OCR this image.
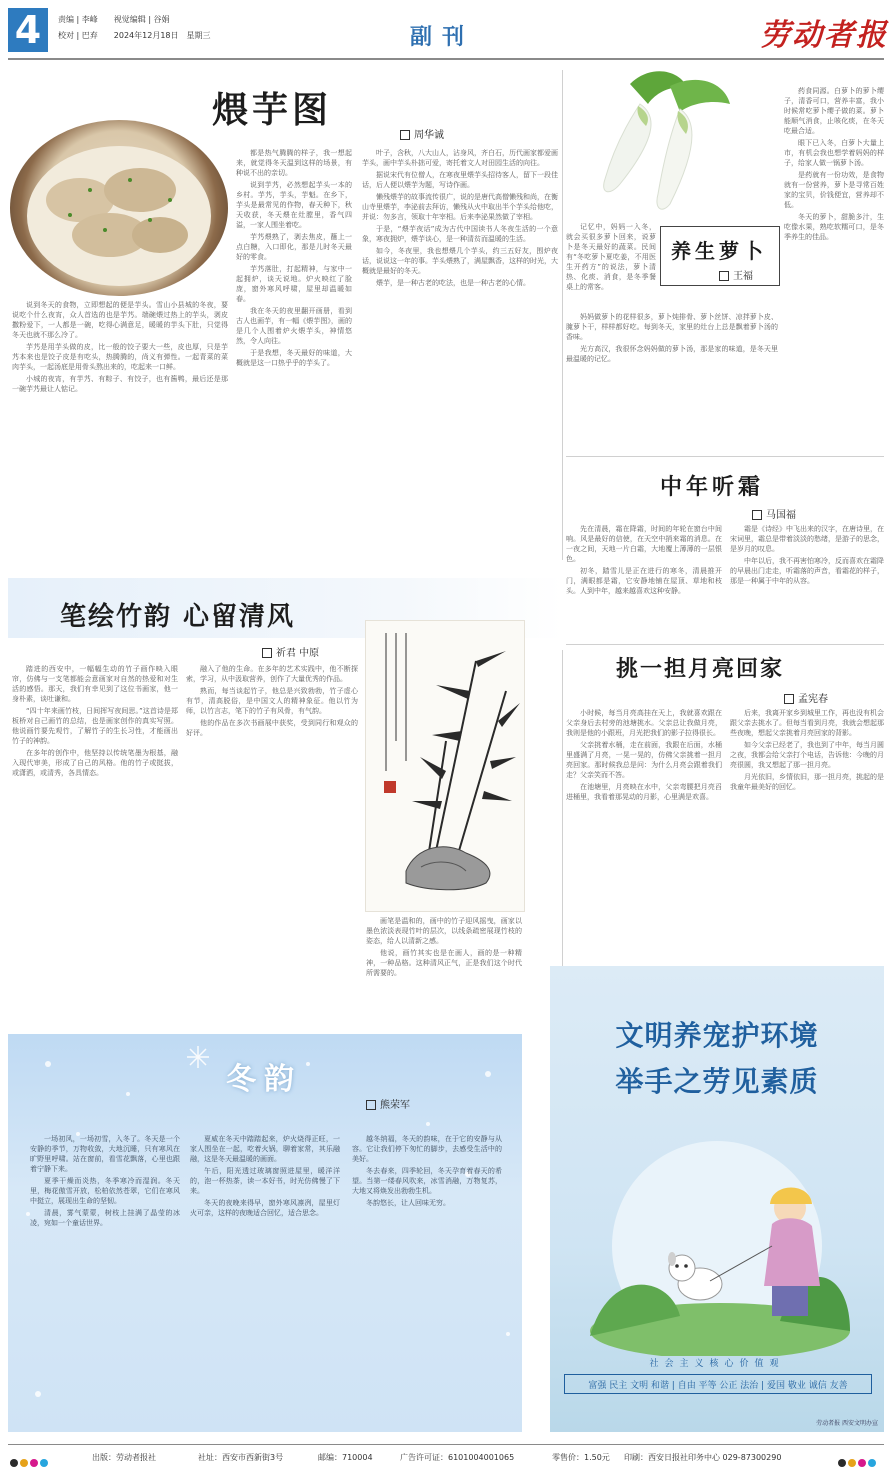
4	责编 | 李峰　　视觉编辑 | 谷娟
校对 | 巴弃　　2024年12月18日　星期三	副刊	劳动者报
煨芋图
周华诚

说到冬天的食物，立即想起的便是芋头。雪山小县城的冬夜，要说吃个什么夜宵，众人首选的也是芋艿。端碗煨过热上的芋头，剥皮撒粉爱下，一人都是一碗，吃得心满意足，暖暖的芋头下肚，只觉得冬天也就不那么冷了。

芋艿是用芋头做的皮，比一般的饺子要大一些，皮也厚，只是芋艿本来也是饺子皮是有吃头，热腾腾的，尚义有弹性。一起青菜的菜肉芋头，一起汤底是用骨头熬出来的，吃起来一口鲜。

小城的夜宵，有芋艿、有粽子、有饺子，也有酱鸭，最后还是那一碗芋艿最让人惦记。

都是热气腾腾的样子，我一想起来，就觉得冬天温到这样的场景，有种说不出的亲切。

说到芋艿，必然想起芋头一本的乡村。芋艿，芋头，芋魁。在乡下，芋头是最常见的作物，春天种下，秋天收获，冬天煨在灶膛里，香气四溢，一家人围坐着吃。

芋艿煨熟了，剥去焦皮，蘸上一点白糖，入口即化，那是儿时冬天最好的零食。

芋艿落肚，打起精神，与家中一起拥炉，谈天说地。炉火映红了脸庞，窗外寒风呼啸，屋里却温暖如春。

我在冬天的夜里翻开画册，看到古人也画芋，有一幅《煨芋图》，画的是几个人围着炉火煨芋头，神情悠然，令人向往。

于是我想，冬天最好的味道，大概就是这一口热乎乎的芋头了。

叶子，含秋，八大山人，沾身风，齐白石，历代画家都爱画芋头，画中芋头朴拙可爱，寄托着文人对田园生活的向往。

据说宋代有位僧人，在寒夜里煨芋头招待客人，留下一段佳话，后人便以煨芋为题，写诗作画。

懒残煨芋的故事流传很广，说的是唐代高僧懒残和尚，在衡山寺里煨芋，李泌前去拜访，懒残从火中取出半个芋头给他吃，并说：勿多言，领取十年宰相。后来李泌果然做了宰相。

于是，“煨芋夜话”成为古代中国读书人冬夜生活的一个意象，寒夜拥炉，煨芋谈心，是一种清贫而温暖的生活。

如今，冬夜里，我也想煨几个芋头，约三五好友，围炉夜话，说说这一年的事。芋头煨熟了，满屋飘香，这样的时光，大概就是最好的冬天。

煨芋，是一种古老的吃法，也是一种古老的心情。

养生萝卜
王福

记忆中，妈妈一入冬，就会买很多萝卜回来，说萝卜是冬天最好的蔬菜。民间有“冬吃萝卜夏吃姜，不用医生开药方”的说法，萝卜清热、化痰、消食，是冬季餐桌上的常客。

妈妈做萝卜的花样很多，萝卜炖排骨、萝卜丝饼、凉拌萝卜皮、腌萝卜干，样样都好吃。每到冬天，家里的灶台上总是飘着萝卜汤的香味。

光方高汉，我很怀念妈妈做的萝卜汤，那是家的味道，是冬天里最温暖的记忆。

药食同源。白萝卜的萝卜缨子，清香可口，营养丰富，我小时候常吃萝卜缨子做的菜。萝卜能顺气消食，止咳化痰，在冬天吃最合适。

眼下已入冬，白萝卜大量上市，有机会我也想学着妈妈的样子，给家人做一锅萝卜汤。

是药就有一份功效，是食物就有一份营养，萝卜是寻常百姓家的宝贝，价钱便宜，营养却不低。

冬天的萝卜，甜脆多汁，生吃像水果，熟吃软糯可口，是冬季养生的佳品。

中年听霜
马国福

先在清晨，霜在降霜，时间的年轮在窗台中间响。风是最好的信使，在天空中捎来霜的消息。在一夜之间，天地一片白霜，大地覆上薄薄的一层银色。

初冬，踏雪儿是正在进行的寒冬，清晨推开门，满眼都是霜，它安静地铺在屋顶、草地和枝头。人到中年，越来越喜欢这种安静。

霜是《诗经》中飞出来的汉字，在唐诗里，在宋词里，霜总是带着淡淡的愁绪，是游子的思念，是岁月的叹息。

中年以后，我不再害怕寒冷，反而喜欢在霜降的早晨出门走走，听霜落的声音，看霜花的样子，那是一种属于中年的从容。

笔绘竹韵 心留清风
祈君 中原

踏进的西安中，一幅幅生动的竹子画作映入眼帘，仿佛与一支笔都能会意画家对自然的热爱和对生活的感悟。那天，我们有幸见到了这位书画家，他一身朴素，谈吐谦和。

“四十年来画竹枝，日间挥写夜间思。”这首诗是郑板桥对自己画竹的总结，也是画家创作的真实写照。他说画竹要先观竹，了解竹子的生长习性，才能画出竹子的神韵。

在多年的创作中，他坚持以传统笔墨为根基，融入现代审美，形成了自己的风格。他的竹子或挺拔，或潇洒，或清秀，各具情态。

融入了他的生命。在多年的艺术实践中，他不断探索，学习，从中汲取营养，创作了大量优秀的作品。

熟而，每当谈起竹子，他总是兴致勃勃，竹子虚心有节，清高脱俗，是中国文人的精神象征。他以竹为师，以竹言志，笔下的竹子有风骨，有气韵。

他的作品在多次书画展中获奖，受到同行和观众的好评。

画笔是温和的，画中的竹子迎风摇曳，画家以墨色浓淡表现竹叶的层次，以线条疏密展现竹枝的姿态，给人以清新之感。

他说，画竹其实也是在画人，画的是一种精神，一种品格。这种清风正气，正是我们这个时代所需要的。

挑一担月亮回家
孟宪春

小时候，每当月亮高挂在天上，我就喜欢跟在父亲身后去村旁的池塘挑水。父亲总让我做月亮，我则是他的小跟班，月光把我们的影子拉得很长。

父亲挑着水桶，走在前面，我跟在后面，水桶里盛满了月亮，一晃一晃的，仿佛父亲挑着一担月亮回家。那时候我总是问：为什么月亮会跟着我们走？父亲笑而不答。

在池塘里，月亮映在水中，父亲弯腰把月亮舀进桶里，我看着那晃动的月影，心里满是欢喜。

后来，我离开家乡到城里工作，再也没有机会跟父亲去挑水了。但每当看到月亮，我就会想起那些夜晚，想起父亲挑着月亮回家的背影。

如今父亲已经老了，我也到了中年，每当月圆之夜，我都会给父亲打个电话，告诉他：今晚的月亮很圆，我又想起了那一担月亮。

月光依旧，乡情依旧，那一担月亮，挑起的是我童年最美好的回忆。

冬韵
熊荣军

一场初风，一场初雪，入冬了。冬天是一个安静的季节，万物收敛，大地沉睡，只有寒风在旷野里呼啸。站在窗前，看雪花飘落，心里也跟着宁静下来。

夏季干燥而炎热，冬季寒冷而湿润。冬天里，梅花傲雪开放，松柏依然苍翠，它们在寒风中挺立，展现出生命的坚韧。

清晨，雾气蒙蒙，树枝上挂满了晶莹的冰凌，宛如一个童话世界。

夏威在冬天中踏踏起来，炉火烧得正旺，一家人围坐在一起，吃着火锅，聊着家常，其乐融融，这是冬天最温暖的画面。

午后，阳光透过玻璃窗照进屋里，暖洋洋的，泡一杯热茶，读一本好书，时光仿佛慢了下来。

冬天的夜晚来得早，窗外寒风凛冽，屋里灯火可亲，这样的夜晚适合回忆，适合思念。

越冬纳福，冬天的韵味，在于它的安静与从容。它让我们停下匆忙的脚步，去感受生活中的美好。

冬去春来，四季轮回，冬天孕育着春天的希望。当第一缕春风吹来，冰雪消融，万物复苏，大地又将焕发出勃勃生机。

冬韵悠长，让人回味无穷。

文明养宠护环境
举手之劳见素质
社会主义核心价值观
富强 民主 文明 和谐 | 自由 平等 公正 法治 | 爱国 敬业 诚信 友善
劳动者报 西安文明办宣
出版：劳动者报社	社址：西安市西新街3号	邮编：710004	广告许可证：6101004001065	零售价：1.50元 印刷：西安日报社印务中心 029-87300290
